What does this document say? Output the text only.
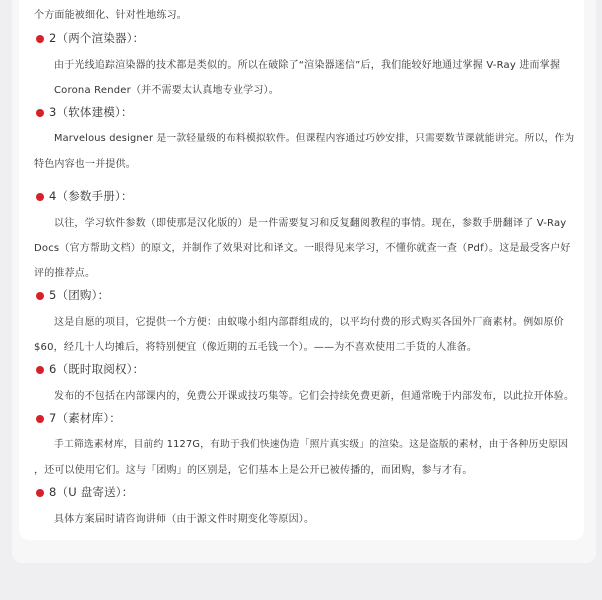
个方面能被细化、针对性地练习。
2（两个渲染器）：
由于光线追踪渲染器的技术都是类似的。所以在破除了“渲染器迷信”后，我们能较好地通过掌握 V-Ray 进而掌握
Corona Render（并不需要太认真地专业学习）。
3（软体建模）：
Marvelous designer 是一款轻量级的布料模拟软件。但课程内容通过巧妙安排，只需要数节课就能讲完。所以，作为
特色内容也一并提供。
4（参数手册）：
以往，学习软件参数（即使那是汉化版的）是一件需要复习和反复翻阅教程的事情。现在，参数手册翻译了 V-Ray
Docs（官方帮助文档）的原文，并制作了效果对比和译文。一眼得见来学习，不懂你就查一查（Pdf）。这是最受客户好
评的推荐点。
5（团购）：
这是自愿的项目，它提供一个方便：由蚁喙小组内部群组成的，以平均付费的形式购买各国外厂商素材。例如原价
$60，经几十人均摊后，将特别便宜（像近期的五毛钱一个）。——为不喜欢使用二手货的人准备。
6（既时取阅权）：
发布的不包括在内部课内的，免费公开课或技巧集等。它们会持续免费更新，但通常晚于内部发布，以此拉开体验。
7（素材库）：
手工筛选素材库，目前约 1127G，有助于我们快速伪造「照片真实级」的渲染。这是盗版的素材，由于各种历史原因
，还可以使用它们。这与「团购」的区别是，它们基本上是公开已被传播的，而团购，参与才有。
8（U 盘寄送）：
具体方案届时请咨询讲师（由于源文件时期变化等原因）。
